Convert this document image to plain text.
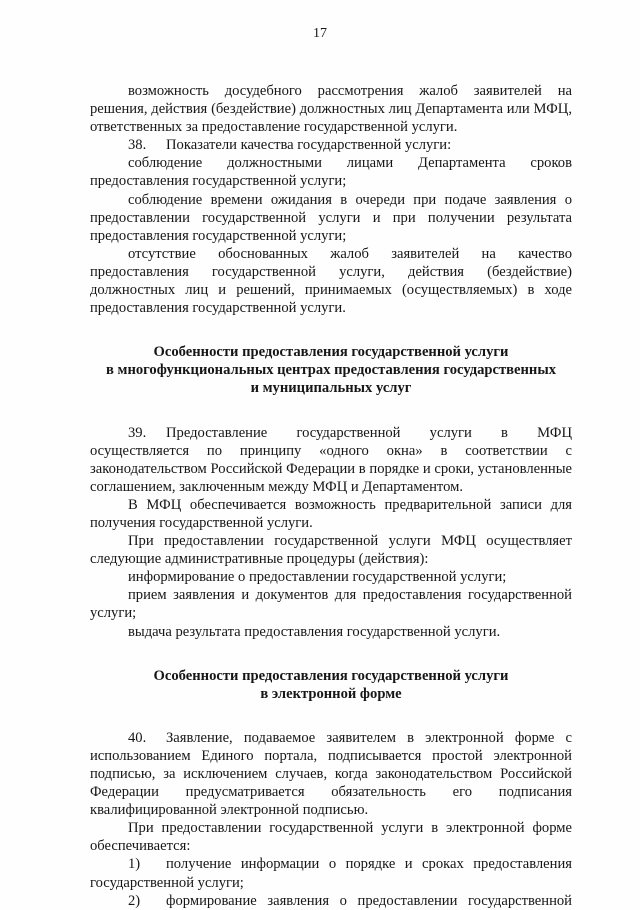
17

возможность досудебного рассмотрения жалоб заявителей на решения, действия (бездействие) должностных лиц Департамента или МФЦ, ответственных за предоставление государственной услуги.

38. Показатели качества государственной услуги:

соблюдение должностными лицами Департамента сроков предоставления государственной услуги;

соблюдение времени ожидания в очереди при подаче заявления о предоставлении государственной услуги и при получении результата предоставления государственной услуги;

отсутствие обоснованных жалоб заявителей на качество предоставления государственной услуги, действия (бездействие) должностных лиц и решений, принимаемых (осуществляемых) в ходе предоставления государственной услуги.

Особенности предоставления государственной услуги
в многофункциональных центрах предоставления государственных
и муниципальных услуг

39. Предоставление государственной услуги в МФЦ осуществляется по принципу «одного окна» в соответствии с законодательством Российской Федерации в порядке и сроки, установленные соглашением, заключенным между МФЦ и Департаментом.

В МФЦ обеспечивается возможность предварительной записи для получения государственной услуги.

При предоставлении государственной услуги МФЦ осуществляет следующие административные процедуры (действия):

информирование о предоставлении государственной услуги;

прием заявления и документов для предоставления государственной услуги;

выдача результата предоставления государственной услуги.

Особенности предоставления государственной услуги
в электронной форме

40. Заявление, подаваемое заявителем в электронной форме с использованием Единого портала, подписывается простой электронной подписью, за исключением случаев, когда законодательством Российской Федерации предусматривается обязательность его подписания квалифицированной электронной подписью.

При предоставлении государственной услуги в электронной форме обеспечивается:

1) получение информации о порядке и сроках предоставления государственной услуги;

2) формирование заявления о предоставлении государственной
